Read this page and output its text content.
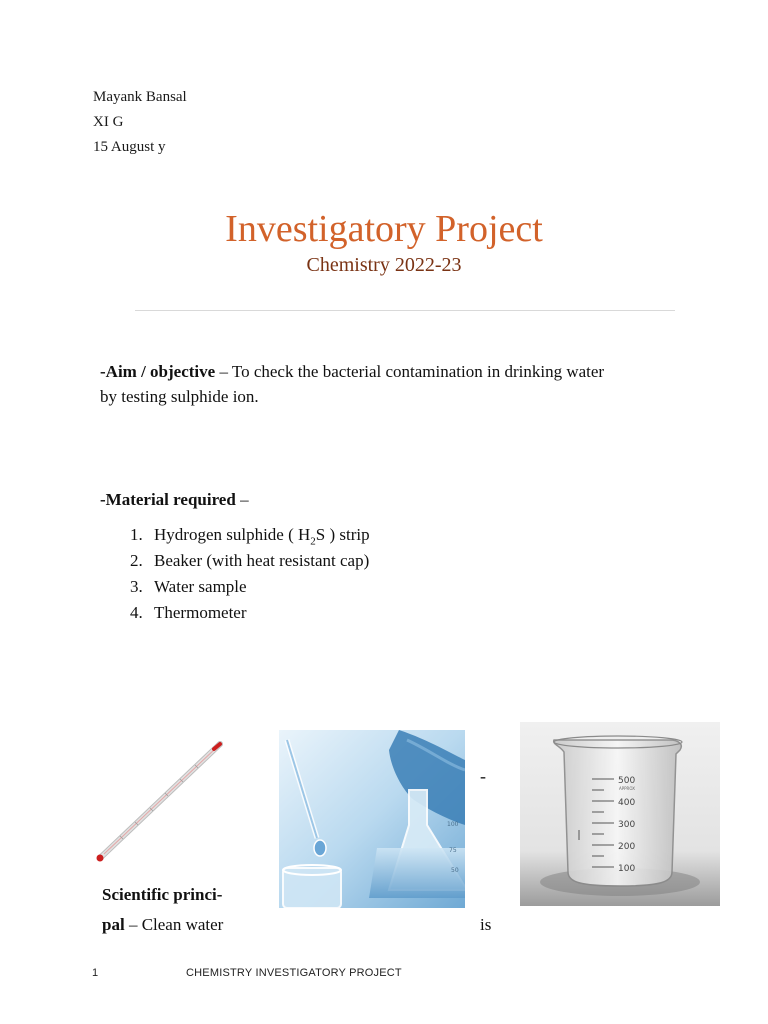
Mayank Bansal
XI G
15 August y
Investigatory Project
Chemistry 2022-23
-Aim / objective – To check the bacterial contamination in drinking water by testing sulphide ion.
-Material required –
1. Hydrogen sulphide ( $H_2S$ ) strip
2. Beaker (with heat resistant cap)
3. Water sample
4. Thermometer
100
75
50
500
400
300
200
100
APPROX
-
Scientific princi-
pal – Clean water	is
1	CHEMISTRY INVESTIGATORY PROJECT
